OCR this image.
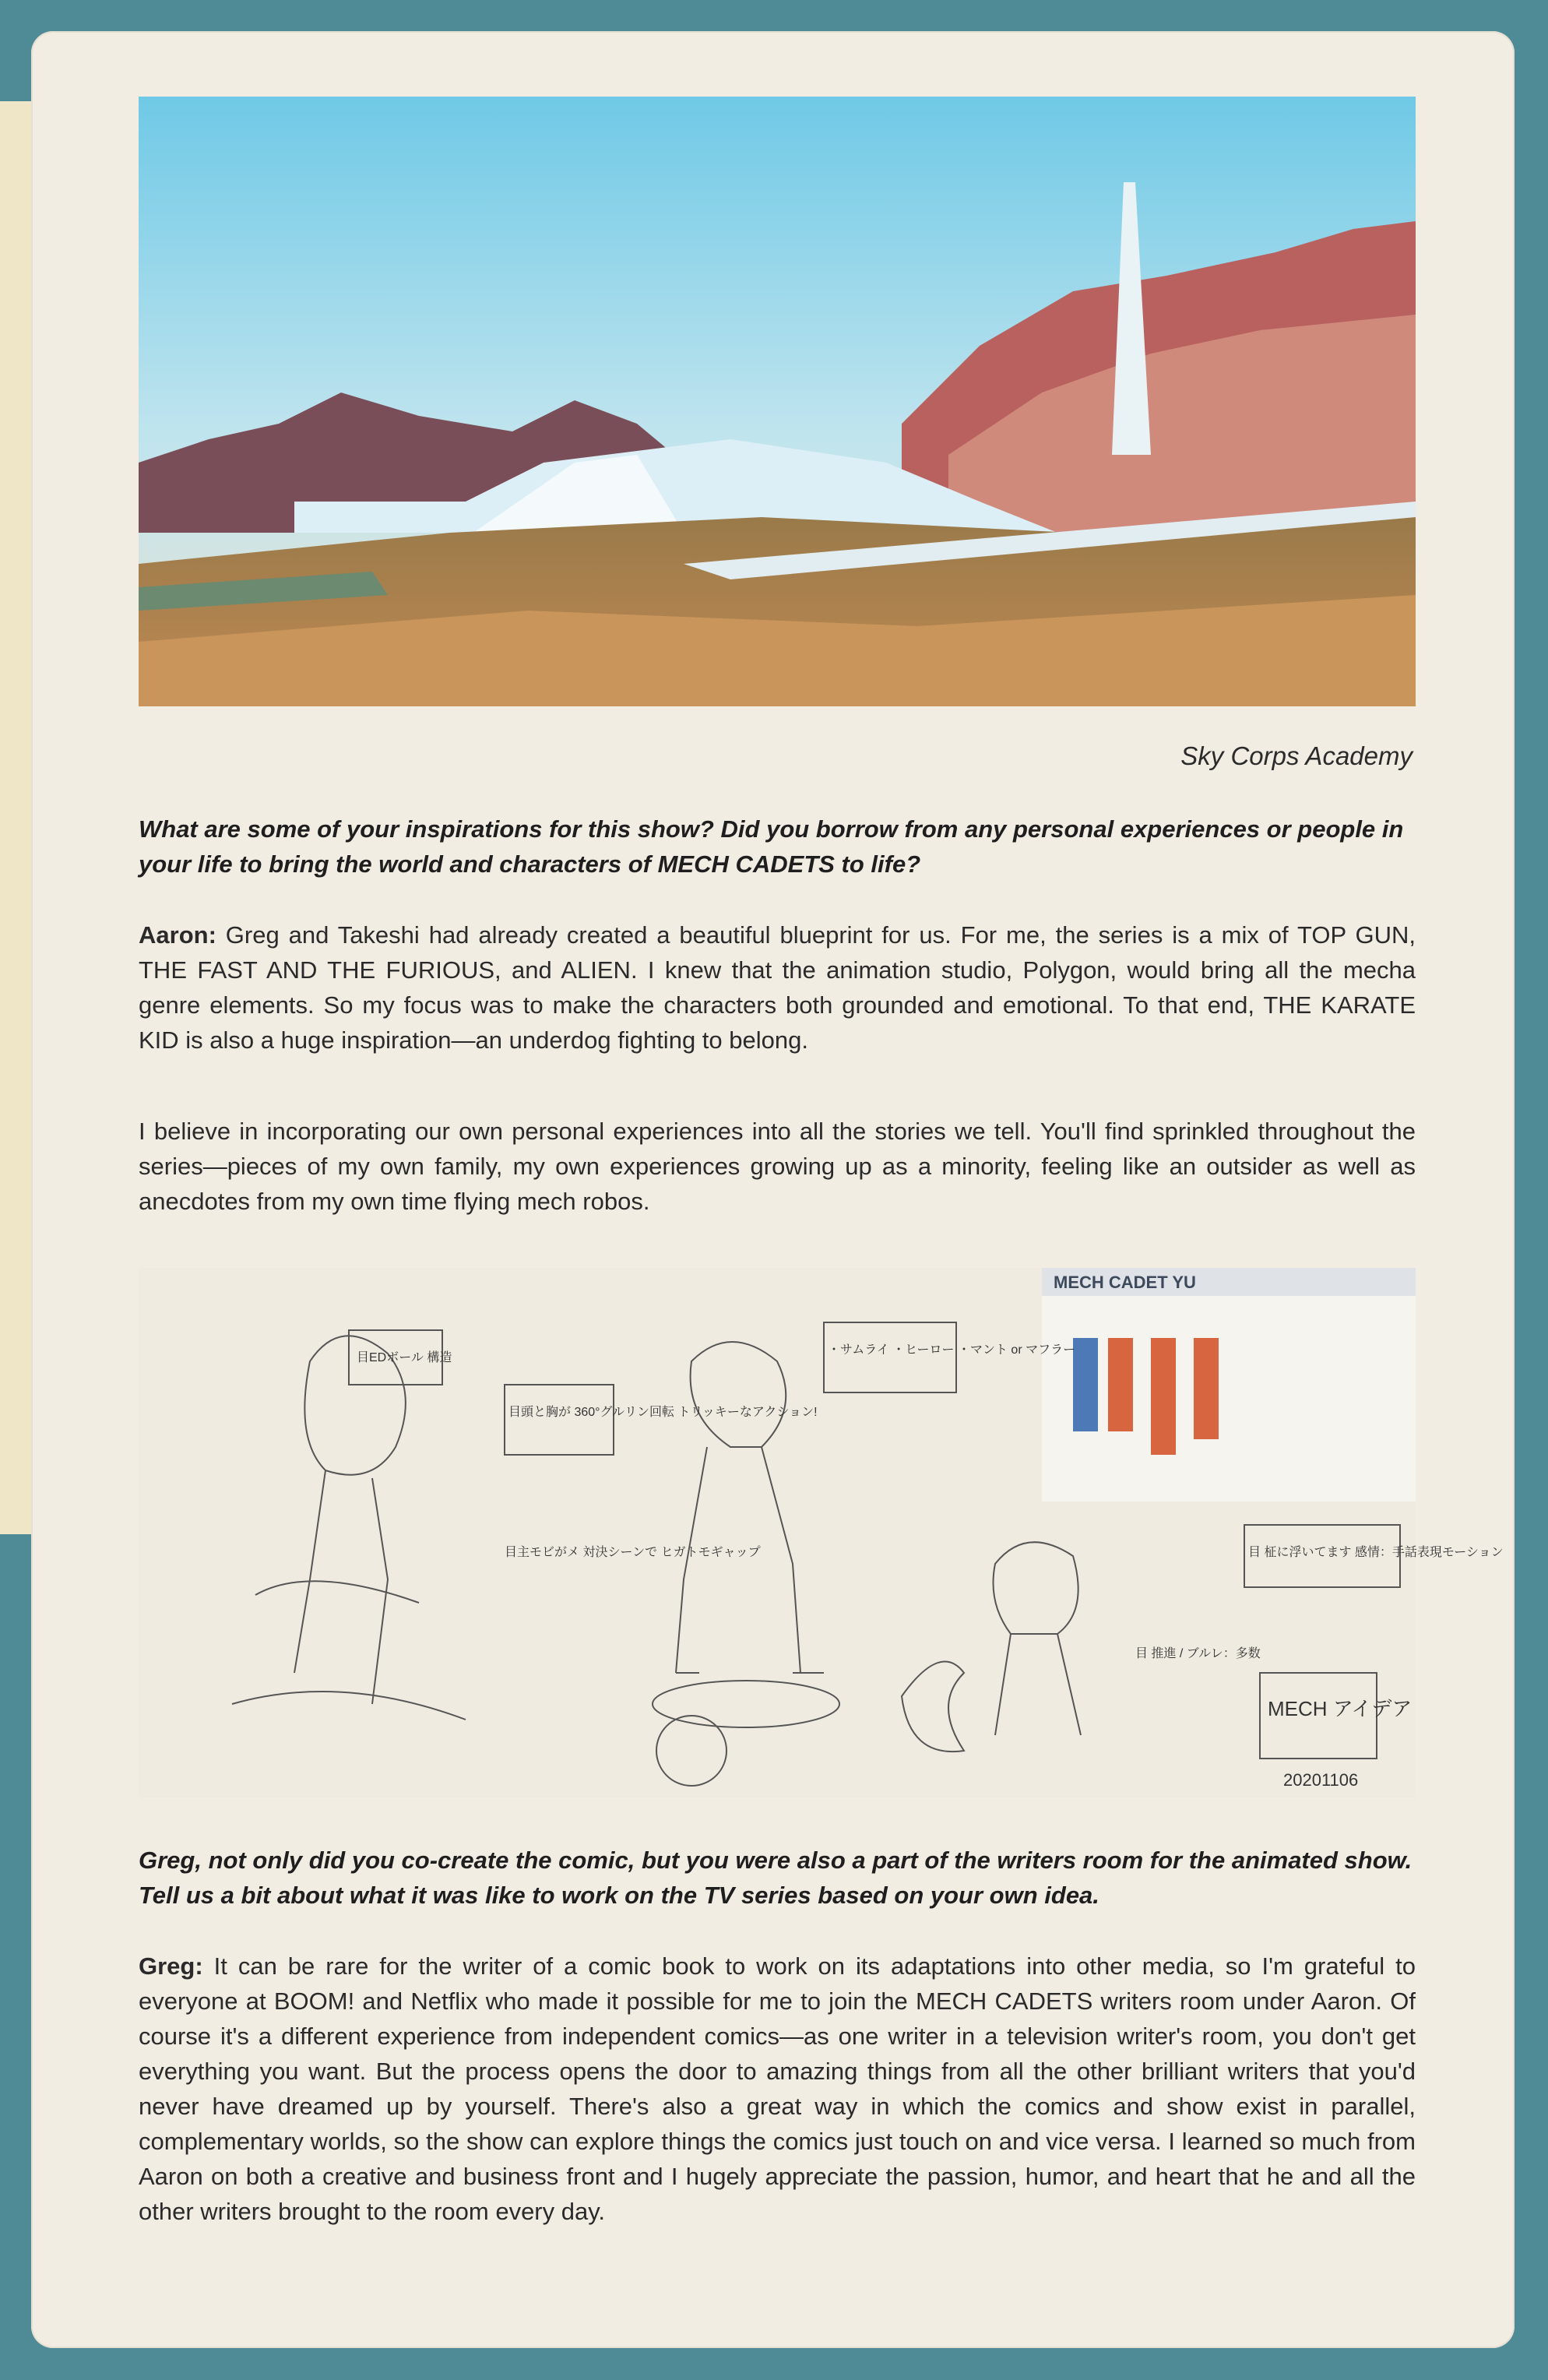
Sky Corps Academy

What are some of your inspirations for this show? Did you borrow from any personal experiences or people in your life to bring the world and characters of MECH CADETS to life?

Aaron: Greg and Takeshi had already created a beautiful blueprint for us. For me, the series is a mix of TOP GUN, THE FAST AND THE FURIOUS, and ALIEN. I knew that the animation studio, Polygon, would bring all the mecha genre elements. So my focus was to make the characters both grounded and emotional. To that end, THE KARATE KID is also a huge inspiration—an underdog fighting to belong.

I believe in incorporating our own personal experiences into all the stories we tell. You'll find sprinkled throughout the series—pieces of my own family, my own experiences growing up as a minority, feeling like an outsider as well as anecdotes from my own time flying mech robos.

MECH CADET YU
目EDボール 構造
目頭と胸が 360°グルリン回転 トリッキーなアクション!
・サムライ ・ヒーロー ・マント or マフラー
目主モビがメ 対決シーンで ヒガトモギャップ	目 柾に浮いてます 感情：手話表現モーション
目 推進 / ブルレ：多数
MECH アイデア
20201106

Greg, not only did you co-create the comic, but you were also a part of the writers room for the animated show. Tell us a bit about what it was like to work on the TV series based on your own idea.

Greg: It can be rare for the writer of a comic book to work on its adaptations into other media, so I'm grateful to everyone at BOOM! and Netflix who made it possible for me to join the MECH CADETS writers room under Aaron. Of course it's a different experience from independent comics—as one writer in a television writer's room, you don't get everything you want. But the process opens the door to amazing things from all the other brilliant writers that you'd never have dreamed up by yourself. There's also a great way in which the comics and show exist in parallel, complementary worlds, so the show can explore things the comics just touch on and vice versa. I learned so much from Aaron on both a creative and business front and I hugely appreciate the passion, humor, and heart that he and all the other writers brought to the room every day.
